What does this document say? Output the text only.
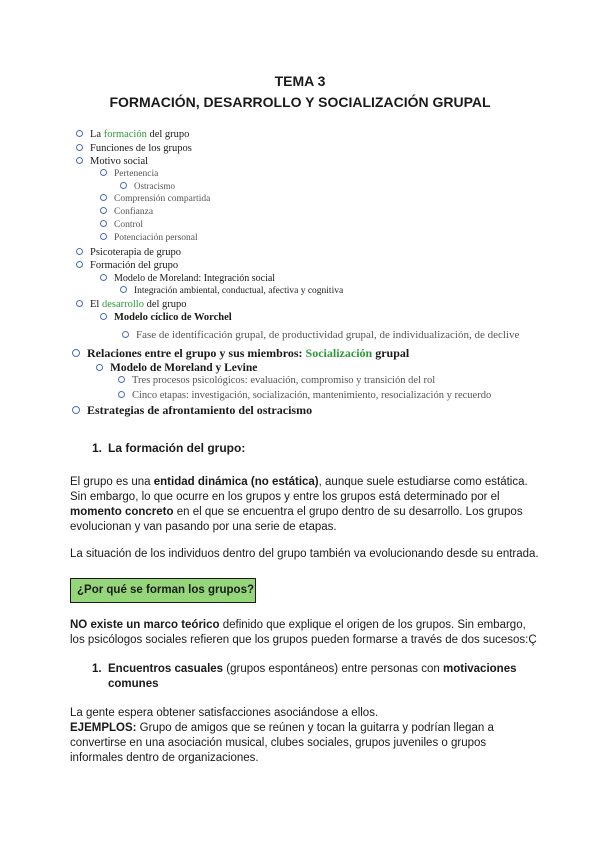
TEMA 3
FORMACIÓN, DESARROLLO Y SOCIALIZACIÓN GRUPAL
La formación del grupo
Funciones de los grupos
Motivo social
Pertenencia
Ostracismo
Comprensión compartida
Confianza
Control
Potenciación personal
Psicoterapia de grupo
Formación del grupo
Modelo de Moreland: Integración social
Integración ambiental, conductual, afectiva y cognitiva
El desarrollo del grupo
Modelo cíclico de Worchel
Fase de identificación grupal, de productividad grupal, de individualización, de declive
Relaciones entre el grupo y sus miembros: Socialización grupal
Modelo de Moreland y Levine
Tres procesos psicológicos: evaluación, compromiso y transición del rol
Cinco etapas: investigación, socialización, mantenimiento, resocialización y recuerdo
Estrategias de afrontamiento del ostracismo
1. La formación del grupo:
El grupo es una entidad dinámica (no estática), aunque suele estudiarse como estática.
Sin embargo, lo que ocurre en los grupos y entre los grupos está determinado por el
momento concreto en el que se encuentra el grupo dentro de su desarrollo. Los grupos
evolucionan y van pasando por una serie de etapas.
La situación de los individuos dentro del grupo también va evolucionando desde su entrada.
¿Por qué se forman los grupos?
NO existe un marco teórico definido que explique el origen de los grupos. Sin embargo,
los psicólogos sociales refieren que los grupos pueden formarse a través de dos sucesos:Ç
1. Encuentros casuales (grupos espontáneos) entre personas con motivaciones
comunes
La gente espera obtener satisfacciones asociándose a ellos.
EJEMPLOS: Grupo de amigos que se reúnen y tocan la guitarra y podrían llegan a
convertirse en una asociación musical, clubes sociales, grupos juveniles o grupos
informales dentro de organizaciones.
